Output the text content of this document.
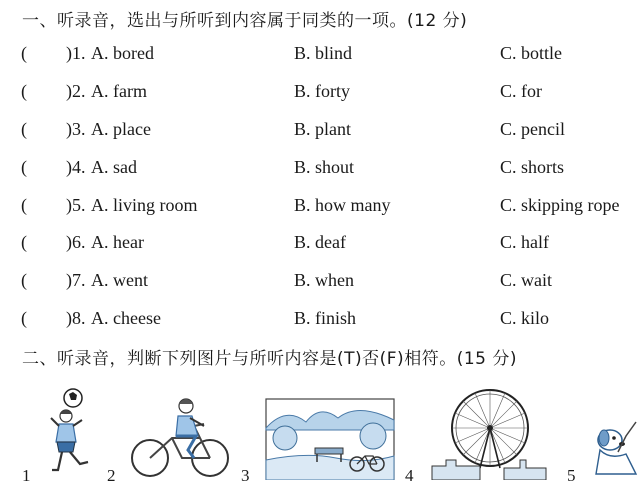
一、听录音，选出与所听到内容属于同类的一项。(12 分)
( )1. A. bored	B. blind	C. bottle
( )2. A. farm	B. forty	C. for
( )3. A. place	B. plant	C. pencil
( )4. A. sad	B. shout	C. shorts
( )5. A. living room	B. how many	C. skipping rope
( )6. A. hear	B. deaf	C. half
( )7. A. went	B. when	C. wait
( )8. A. cheese	B. finish	C. kilo
二、听录音，判断下列图片与所听内容是(T)否(F)相符。(15 分)
1	2	3	4	5
